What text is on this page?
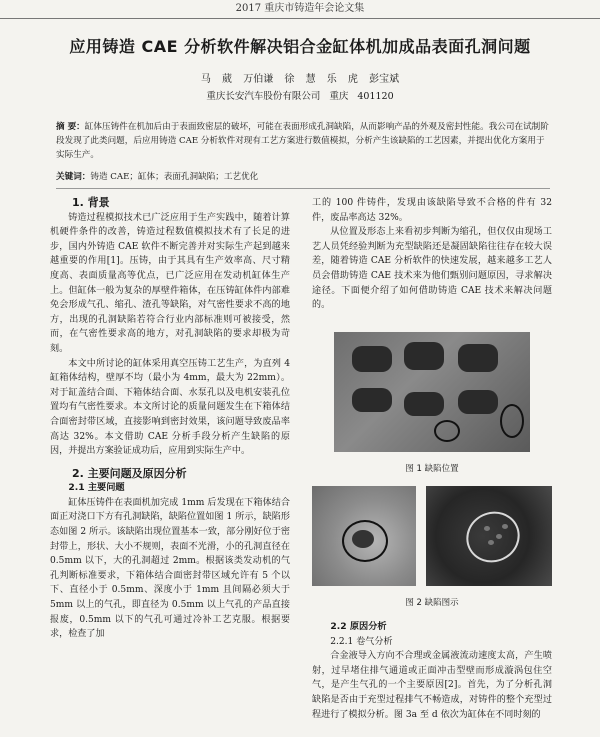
2017 重庆市铸造年会论文集
应用铸造 CAE 分析软件解决铝合金缸体机加成品表面孔洞问题
马 葳 万伯谦 徐 慧 乐 虎 彭宝斌
重庆长安汽车股份有限公司 重庆 401120
摘 要：缸体压铸件在机加后由于表面致密层的破坏，可能在表面形成孔洞缺陷，从而影响产品的外观及密封性能。我公司在试制阶段发现了此类问题，后应用铸造 CAE 分析软件对现有工艺方案进行数值模拟，分析产生该缺陷的工艺因素，并提出优化方案用于实际生产。
关键词：铸造 CAE；缸体；表面孔洞缺陷；工艺优化

1. 背景

铸造过程模拟技术已广泛应用于生产实践中，随着计算机硬件条件的改善，铸造过程数值模拟技术有了长足的进步，国内外铸造 CAE 软件不断完善并对实际生产起到越来越重要的作用[1]。压铸，由于其具有生产效率高、尺寸精度高、表面质量高等优点，已广泛应用在发动机缸体生产上。但缸体一般为复杂的厚壁件箱体，在压铸缸体件内部难免会形成气孔、缩孔、渣孔等缺陷，对气密性要求不高的地方，出现的孔洞缺陷若符合行业内部标准则可被接受，然而，在气密性要求高的地方，对孔洞缺陷的要求却极为苛刻。

本文中所讨论的缸体采用真空压铸工艺生产，为直列 4 缸箱体结构，壁厚不均（最小为 4mm，最大为 22mm）。对于缸盖结合面、下箱体结合面、水泵孔以及电机安装孔位置均有气密性要求。本文所讨论的质量问题发生在下箱体结合面密封带区域，直接影响到密封效果，该问题导致废品率高达 32%。本文借助 CAE 分析手段分析产生缺陷的原因，并提出方案验证成功后，应用到实际生产中。

2. 主要问题及原因分析

2.1 主要问题

缸体压铸件在表面机加完成 1mm 后发现在下箱体结合面正对浇口下方有孔洞缺陷，缺陷位置如图 1 所示，缺陷形态如图 2 所示。该缺陷出现位置基本一致，部分刚好位于密封带上，形状、大小不规则，表面不光滑，小的孔洞直径在 0.5mm 以下，大的孔洞超过 2mm。根据该类发动机的气孔判断标准要求，下箱体结合面密封带区域允许有 5 个以下、直径小于 0.5mm、深度小于 1mm 且间隔必须大于 5mm 以上的气孔，即直径为 0.5mm 以上气孔的产品直接报废，0.5mm 以下的气孔可通过冷补工艺克服。根据要求，检查了加

工的 100 件铸件，发现由该缺陷导致不合格的件有 32 件，废品率高达 32%。

从位置及形态上来看初步判断为缩孔，但仅仅由现场工艺人员凭经验判断为充型缺陷还是凝固缺陷往往存在较大误差，随着铸造 CAE 分析软件的快速发展，越来越多工艺人员会借助铸造 CAE 技术来为他们甄别问题原因，寻求解决途径。下面便介绍了如何借助铸造 CAE 技术来解决问题的。

图 1 缺陷位置
图 2 缺陷图示

2.2 原因分析

2.2.1 卷气分析

合金液导入方向不合理或金属液流动速度太高，产生喷射，过早堵住排气通道或正面冲击型壁而形成漩涡包住空气，是产生气孔的一个主要原因[2]。首先，为了分析孔洞缺陷是否由于充型过程排气不畅造成，对铸件的整个充型过程进行了模拟分析。图 3a 至 d 依次为缸体在不同时刻的
